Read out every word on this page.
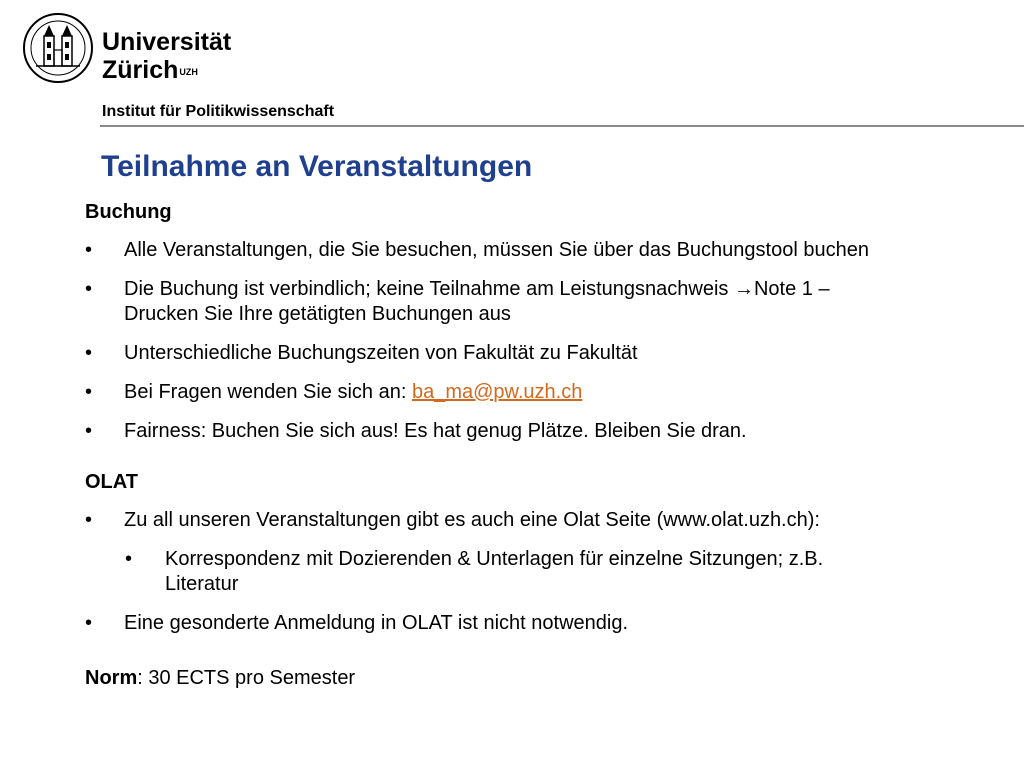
Universität
Zürich$^{UZH}$
Institut für Politikwissenschaft
Teilnahme an Veranstaltungen
Buchung
• Alle Veranstaltungen, die Sie besuchen, müssen Sie über das Buchungstool buchen
• Die Buchung ist verbindlich; keine Teilnahme am Leistungsnachweis →Note 1 –
Drucken Sie Ihre getätigten Buchungen aus
• Unterschiedliche Buchungszeiten von Fakultät zu Fakultät
• Bei Fragen wenden Sie sich an: ba_ma@pw.uzh.ch
• Fairness: Buchen Sie sich aus! Es hat genug Plätze. Bleiben Sie dran.
OLAT
• Zu all unseren Veranstaltungen gibt es auch eine Olat Seite (www.olat.uzh.ch):
• Korrespondenz mit Dozierenden & Unterlagen für einzelne Sitzungen; z.B.
Literatur
• Eine gesonderte Anmeldung in OLAT ist nicht notwendig.
Norm: 30 ECTS pro Semester
